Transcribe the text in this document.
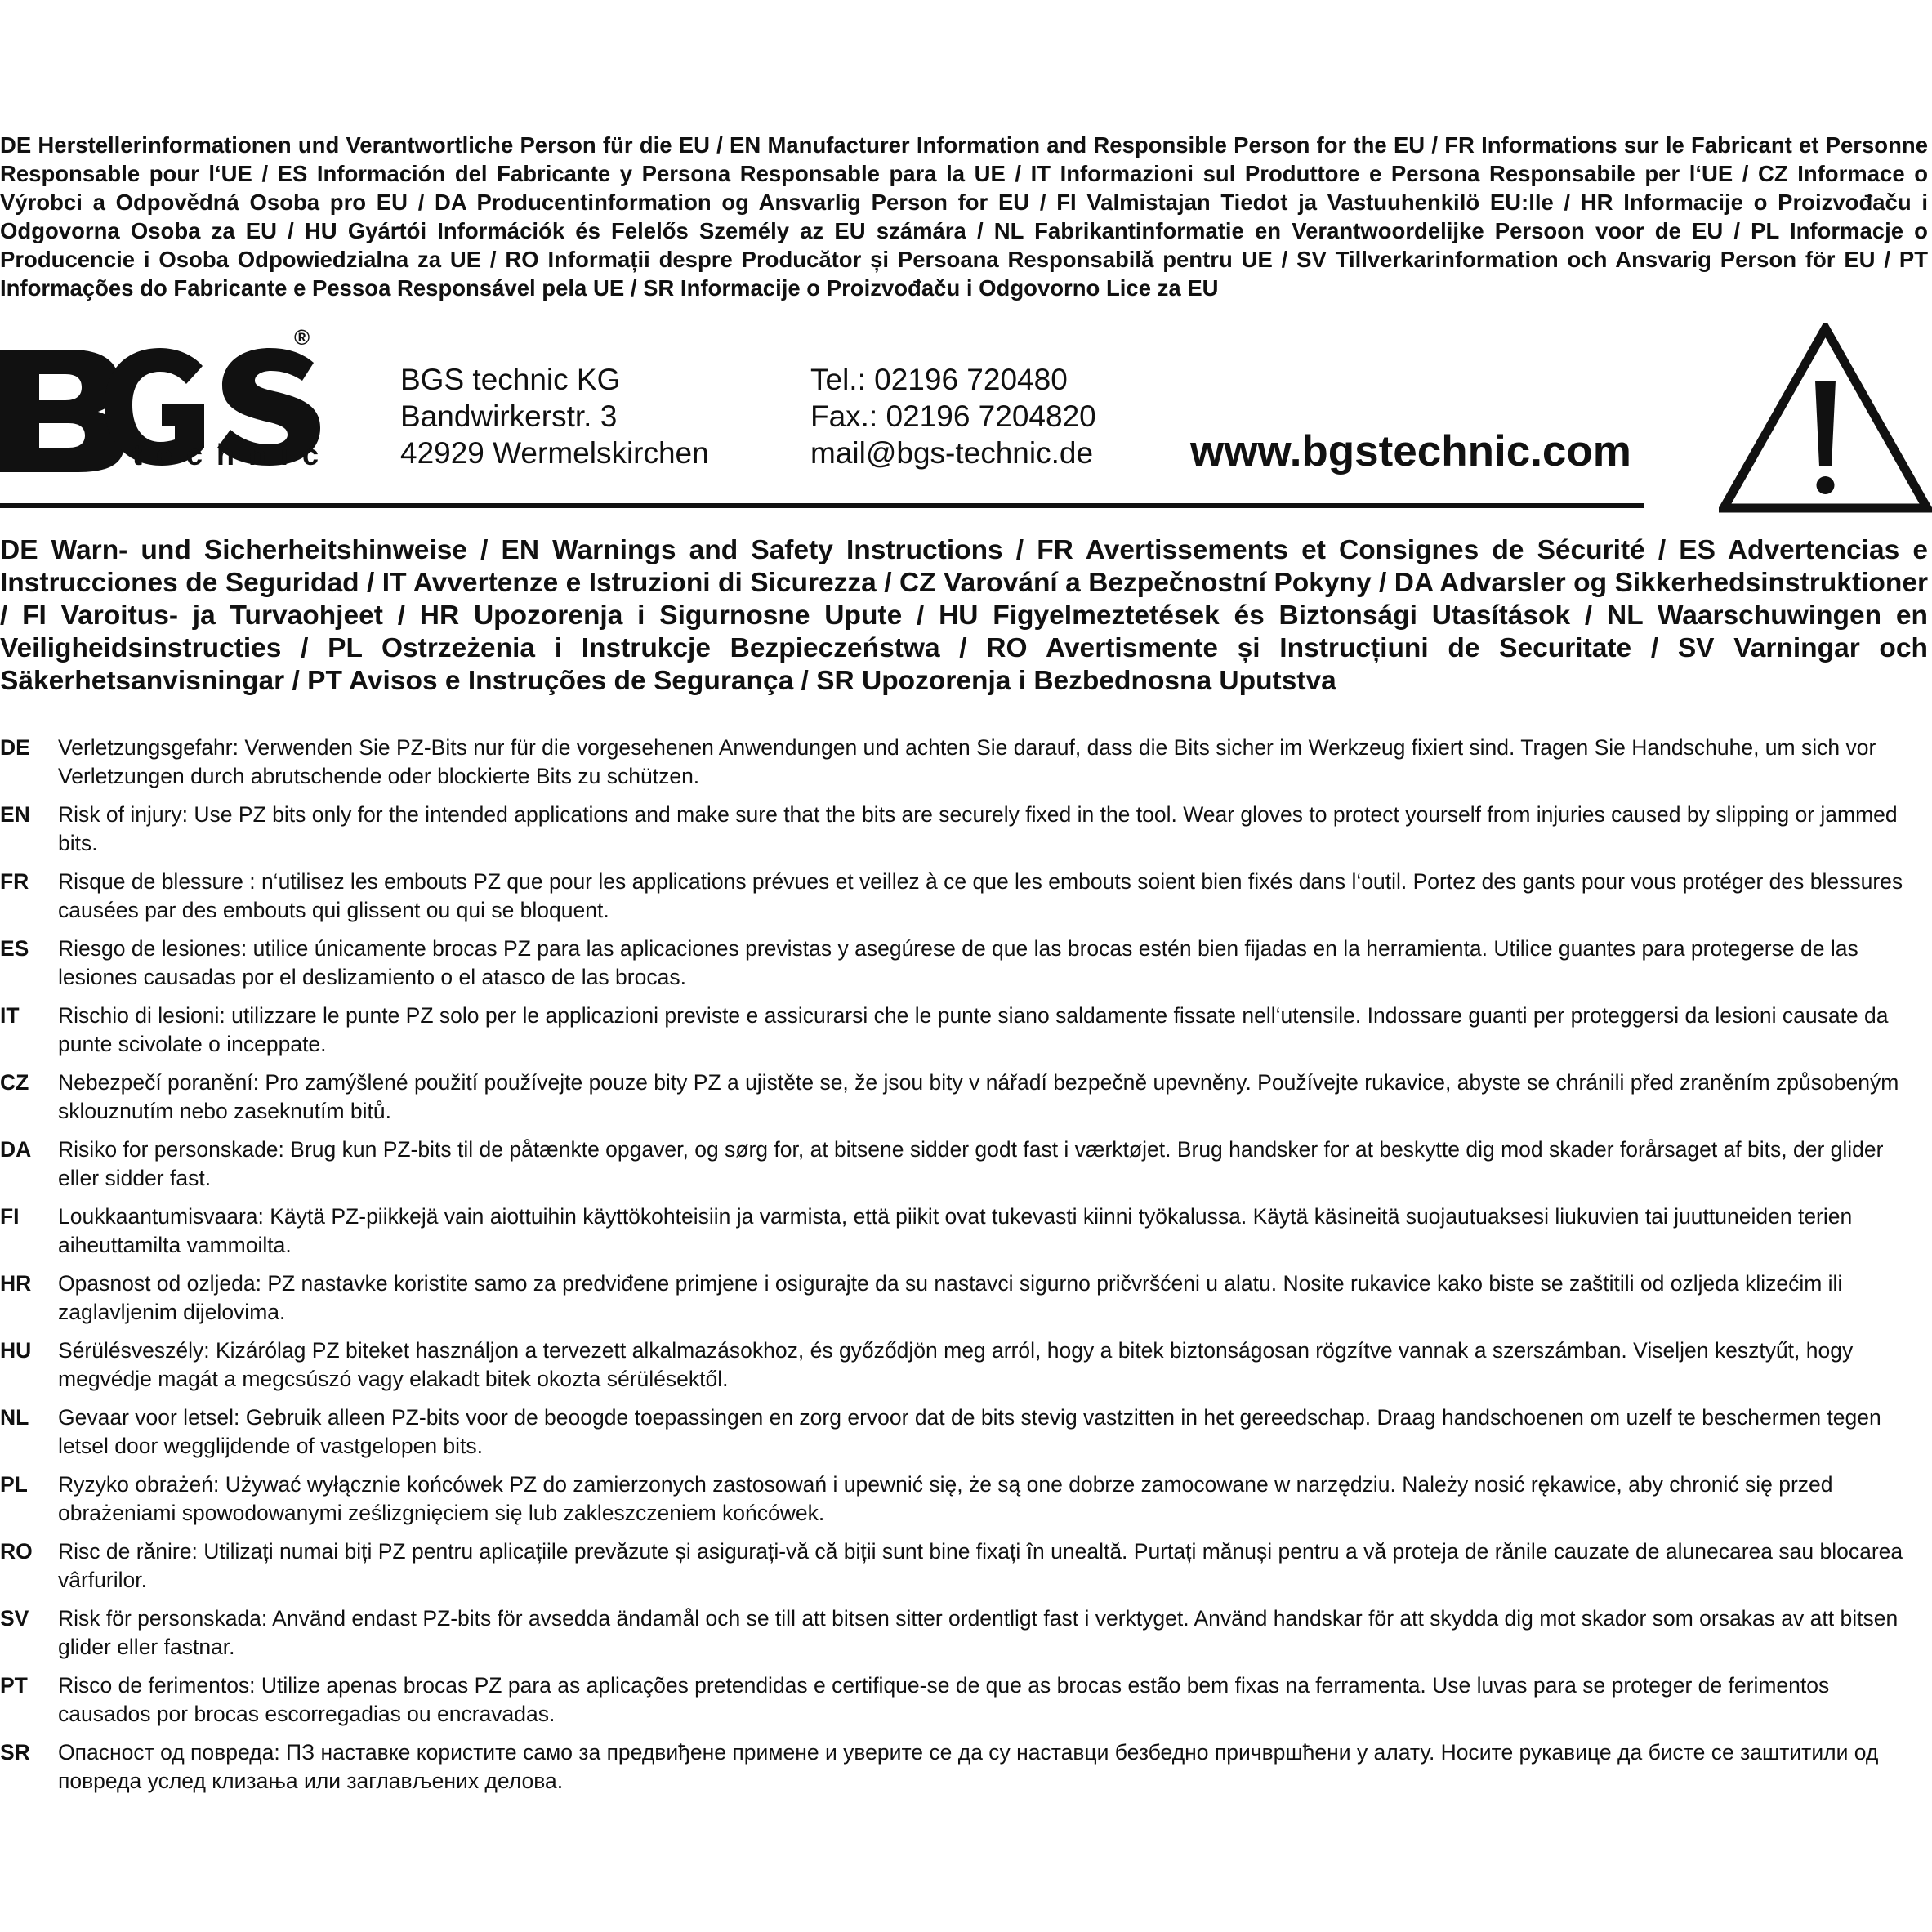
DE Herstellerinformationen und Verantwortliche Person für die EU / EN Manufacturer Information and Responsible Person for the EU / FR Informations sur le Fabricant et Personne Responsable pour l‘UE / ES Información del Fabricante y Persona Responsable para la UE / IT Informazioni sul Produttore e Persona Responsabile per l‘UE / CZ Informace o Výrobci a Odpovědná Osoba pro EU / DA Producentinformation og Ansvarlig Person for EU / FI Valmistajan Tiedot ja Vastuuhenkilö EU:lle / HR Informacije o Proizvođaču i Odgovorna Osoba za EU / HU Gyártói Információk és Felelős Személy az EU számára / NL Fabrikantinformatie en Verantwoordelijke Persoon voor de EU / PL Informacje o Producencie i Osoba Odpowiedzialna za UE / RO Informații despre Producător și Persoana Responsabilă pentru UE / SV Tillverkarinformation och Ansvarig Person för EU / PT Informações do Fabricante e Pessoa Responsável pela UE / SR Informacije o Proizvođaču i Odgovorno Lice za EU

®
technic
BGS technic KG
Bandwirkerstr. 3
42929 Wermelskirchen
Tel.: 02196 720480
Fax.: 02196 7204820
mail@bgs-technic.de www.bgstechnic.com

DE Warn- und Sicherheitshinweise / EN Warnings and Safety Instructions / FR Avertissements et Consignes de Sécurité / ES Advertencias e Instrucciones de Seguridad / IT Avvertenze e Istruzioni di Sicurezza / CZ Varování a Bezpečnostní Pokyny / DA Advarsler og Sikkerhedsinstruktioner / FI Varoitus- ja Turvaohjeet / HR Upozorenja i Sigurnosne Upute / HU Figyelmeztetések és Biztonsági Utasítások / NL Waarschuwingen en Veiligheidsinstructies / PL Ostrzeżenia i Instrukcje Bezpieczeństwa / RO Avertismente și Instrucțiuni de Securitate / SV Varningar och Säkerhetsanvisningar / PT Avisos e Instruções de Segurança / SR Upozorenja i Bezbednosna Uputstva

DE	Verletzungsgefahr: Verwenden Sie PZ-Bits nur für die vorgesehenen Anwendungen und achten Sie darauf, dass die Bits sicher im Werkzeug fixiert sind. Tragen Sie Handschuhe, um sich vor Verletzungen durch abrutschende oder blockierte Bits zu schützen.
EN	Risk of injury: Use PZ bits only for the intended applications and make sure that the bits are securely fixed in the tool. Wear gloves to protect yourself from injuries caused by slipping or jammed bits.
FR	Risque de blessure : n‘utilisez les embouts PZ que pour les applications prévues et veillez à ce que les embouts soient bien fixés dans l‘outil. Portez des gants pour vous protéger des blessures causées par des embouts qui glissent ou qui se bloquent.
ES	Riesgo de lesiones: utilice únicamente brocas PZ para las aplicaciones previstas y asegúrese de que las brocas estén bien fijadas en la herramienta. Utilice guantes para protegerse de las lesiones causadas por el deslizamiento o el atasco de las brocas.
IT	Rischio di lesioni: utilizzare le punte PZ solo per le applicazioni previste e assicurarsi che le punte siano saldamente fissate nell‘utensile. Indossare guanti per proteggersi da lesioni causate da punte scivolate o inceppate.
CZ	Nebezpečí poranění: Pro zamýšlené použití používejte pouze bity PZ a ujistěte se, že jsou bity v nářadí bezpečně upevněny. Používejte rukavice, abyste se chránili před zraněním způsobeným sklouznutím nebo zaseknutím bitů.
DA	Risiko for personskade: Brug kun PZ-bits til de påtænkte opgaver, og sørg for, at bitsene sidder godt fast i værktøjet. Brug handsker for at beskytte dig mod skader forårsaget af bits, der glider eller sidder fast.
FI	Loukkaantumisvaara: Käytä PZ-piikkejä vain aiottuihin käyttökohteisiin ja varmista, että piikit ovat tukevasti kiinni työkalussa. Käytä käsineitä suojautuaksesi liukuvien tai juuttuneiden terien aiheuttamilta vammoilta.
HR	Opasnost od ozljeda: PZ nastavke koristite samo za predviđene primjene i osigurajte da su nastavci sigurno pričvršćeni u alatu. Nosite rukavice kako biste se zaštitili od ozljeda klizećim ili zaglavljenim dijelovima.
HU	Sérülésveszély: Kizárólag PZ biteket használjon a tervezett alkalmazásokhoz, és győződjön meg arról, hogy a bitek biztonságosan rögzítve vannak a szerszámban. Viseljen kesztyűt, hogy megvédje magát a megcsúszó vagy elakadt bitek okozta sérülésektől.
NL	Gevaar voor letsel: Gebruik alleen PZ-bits voor de beoogde toepassingen en zorg ervoor dat de bits stevig vastzitten in het gereedschap. Draag handschoenen om uzelf te beschermen tegen letsel door wegglijdende of vastgelopen bits.
PL	Ryzyko obrażeń: Używać wyłącznie końcówek PZ do zamierzonych zastosowań i upewnić się, że są one dobrze zamocowane w narzędziu. Należy nosić rękawice, aby chronić się przed obrażeniami spowodowanymi ześlizgnięciem się lub zakleszczeniem końcówek.
RO	Risc de rănire: Utilizați numai biți PZ pentru aplicațiile prevăzute și asigurați-vă că biții sunt bine fixați în unealtă. Purtați mănuși pentru a vă proteja de rănile cauzate de alunecarea sau blocarea vârfurilor.
SV	Risk för personskada: Använd endast PZ-bits för avsedda ändamål och se till att bitsen sitter ordentligt fast i verktyget. Använd handskar för att skydda dig mot skador som orsakas av att bitsen glider eller fastnar.
PT	Risco de ferimentos: Utilize apenas brocas PZ para as aplicações pretendidas e certifique-se de que as brocas estão bem fixas na ferramenta. Use luvas para se proteger de ferimentos causados por brocas escorregadias ou encravadas.
SR	Опасност од повреда: ПЗ наставке користите само за предвиђене примене и уверите се да су наставци безбедно причвршћени у алату. Носите рукавице да бисте се заштитили од повреда услед клизања или заглављених делова.
